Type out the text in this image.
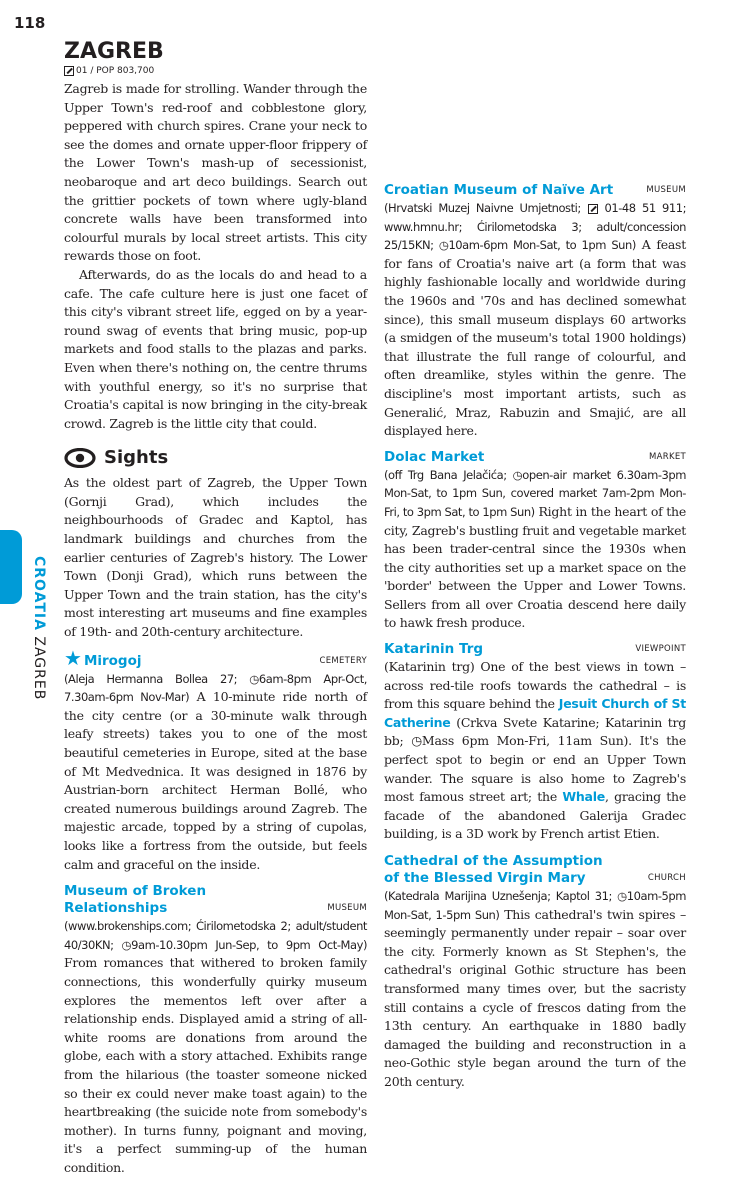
118
CROATIA ZAGREB
ZAGREB
01 / POP 803,700

Zagreb is made for strolling. Wander through the Upper Town's red-roof and cobblestone glory, peppered with church spires. Crane your neck to see the domes and ornate upper-floor frippery of the Lower Town's mash-up of secessionist, neobaroque and art deco buildings. Search out the grittier pockets of town where ugly-bland concrete walls have been transformed into colourful murals by local street artists. This city rewards those on foot.

Afterwards, do as the locals do and head to a cafe. The cafe culture here is just one facet of this city's vibrant street life, egged on by a year-round swag of events that bring music, pop-up markets and food stalls to the plazas and parks. Even when there's nothing on, the centre thrums with youthful energy, so it's no surprise that Croatia's capital is now bringing in the city-break crowd. Zagreb is the little city that could.

Sights

As the oldest part of Zagreb, the Upper Town (Gornji Grad), which includes the neighbourhoods of Gradec and Kaptol, has landmark buildings and churches from the earlier centuries of Zagreb's history. The Lower Town (Donji Grad), which runs between the Upper Town and the train station, has the city's most interesting art museums and fine examples of 19th- and 20th-century architecture.

★ Mirogoj	CEMETERY

(Aleja Hermanna Bollea 27; ◷6am-8pm Apr-Oct, 7.30am-6pm Nov-Mar) A 10-minute ride north of the city centre (or a 30-minute walk through leafy streets) takes you to one of the most beautiful cemeteries in Europe, sited at the base of Mt Medvednica. It was designed in 1876 by Austrian-born architect Herman Bollé, who created numerous buildings around Zagreb. The majestic arcade, topped by a string of cupolas, looks like a fortress from the outside, but feels calm and graceful on the inside.

Museum of Broken
Relationships	MUSEUM

(www.brokenships.com; Ćirilometodska 2; adult/student 40/30KN; ◷9am-10.30pm Jun-Sep, to 9pm Oct-May) From romances that withered to broken family connections, this wonderfully quirky museum explores the mementos left over after a relationship ends. Displayed amid a string of all-white rooms are donations from around the globe, each with a story attached. Exhibits range from the hilarious (the toaster someone nicked so their ex could never make toast again) to the heartbreaking (the suicide note from somebody's mother). In turns funny, poignant and moving, it's a perfect summing-up of the human condition.

Croatian Museum of Naïve Art	MUSEUM

(Hrvatski Muzej Naivne Umjetnosti; 01-48 51 911; www.hmnu.hr; Ćirilometodska 3; adult/concession 25/15KN; ◷10am-6pm Mon-Sat, to 1pm Sun) A feast for fans of Croatia's naive art (a form that was highly fashionable locally and worldwide during the 1960s and '70s and has declined somewhat since), this small museum displays 60 artworks (a smidgen of the museum's total 1900 holdings) that illustrate the full range of colourful, and often dreamlike, styles within the genre. The discipline's most important artists, such as Generalić, Mraz, Rabuzin and Smajić, are all displayed here.

Dolac Market	MARKET

(off Trg Bana Jelačića; ◷open-air market 6.30am-3pm Mon-Sat, to 1pm Sun, covered market 7am-2pm Mon-Fri, to 3pm Sat, to 1pm Sun) Right in the heart of the city, Zagreb's bustling fruit and vegetable market has been trader-central since the 1930s when the city authorities set up a market space on the 'border' between the Upper and Lower Towns. Sellers from all over Croatia descend here daily to hawk fresh produce.

Katarinin Trg	VIEWPOINT

(Katarinin trg) One of the best views in town – across red-tile roofs towards the cathedral – is from this square behind the Jesuit Church of St Catherine (Crkva Svete Katarine; Katarinin trg bb; ◷Mass 6pm Mon-Fri, 11am Sun). It's the perfect spot to begin or end an Upper Town wander. The square is also home to Zagreb's most famous street art; the Whale, gracing the facade of the abandoned Galerija Gradec building, is a 3D work by French artist Etien.

Cathedral of the Assumption
of the Blessed Virgin Mary	CHURCH

(Katedrala Marijina Uznešenja; Kaptol 31; ◷10am-5pm Mon-Sat, 1-5pm Sun) This cathedral's twin spires – seemingly permanently under repair – soar over the city. Formerly known as St Stephen's, the cathedral's original Gothic structure has been transformed many times over, but the sacristy still contains a cycle of frescos dating from the 13th century. An earthquake in 1880 badly damaged the building and reconstruction in a neo-Gothic style began around the turn of the 20th century.
